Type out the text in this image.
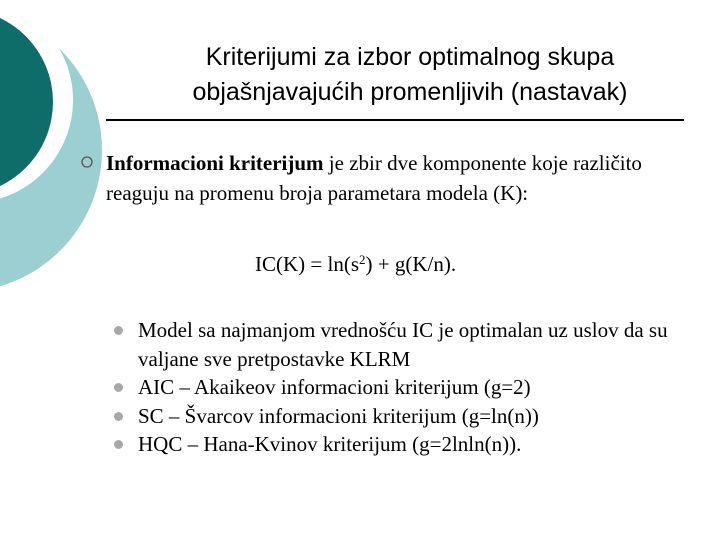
Kriterijumi za izbor optimalnog skupa
objašnjavajućih promenljivih (nastavak)
Informacioni kriterijum je zbir dve komponente koje različito reaguju na promenu broja parametara modela (K):
$IC(K) = \ln(s^2) + g(K/n)$.
Model sa najmanjom vrednošću IC je optimalan uz uslov da su valjane sve pretpostavke KLRM
AIC – Akaikeov informacioni kriterijum (g=2)
SC – Švarcov informacioni kriterijum (g=ln(n))
HQC – Hana-Kvinov kriterijum (g=2lnln(n)).
